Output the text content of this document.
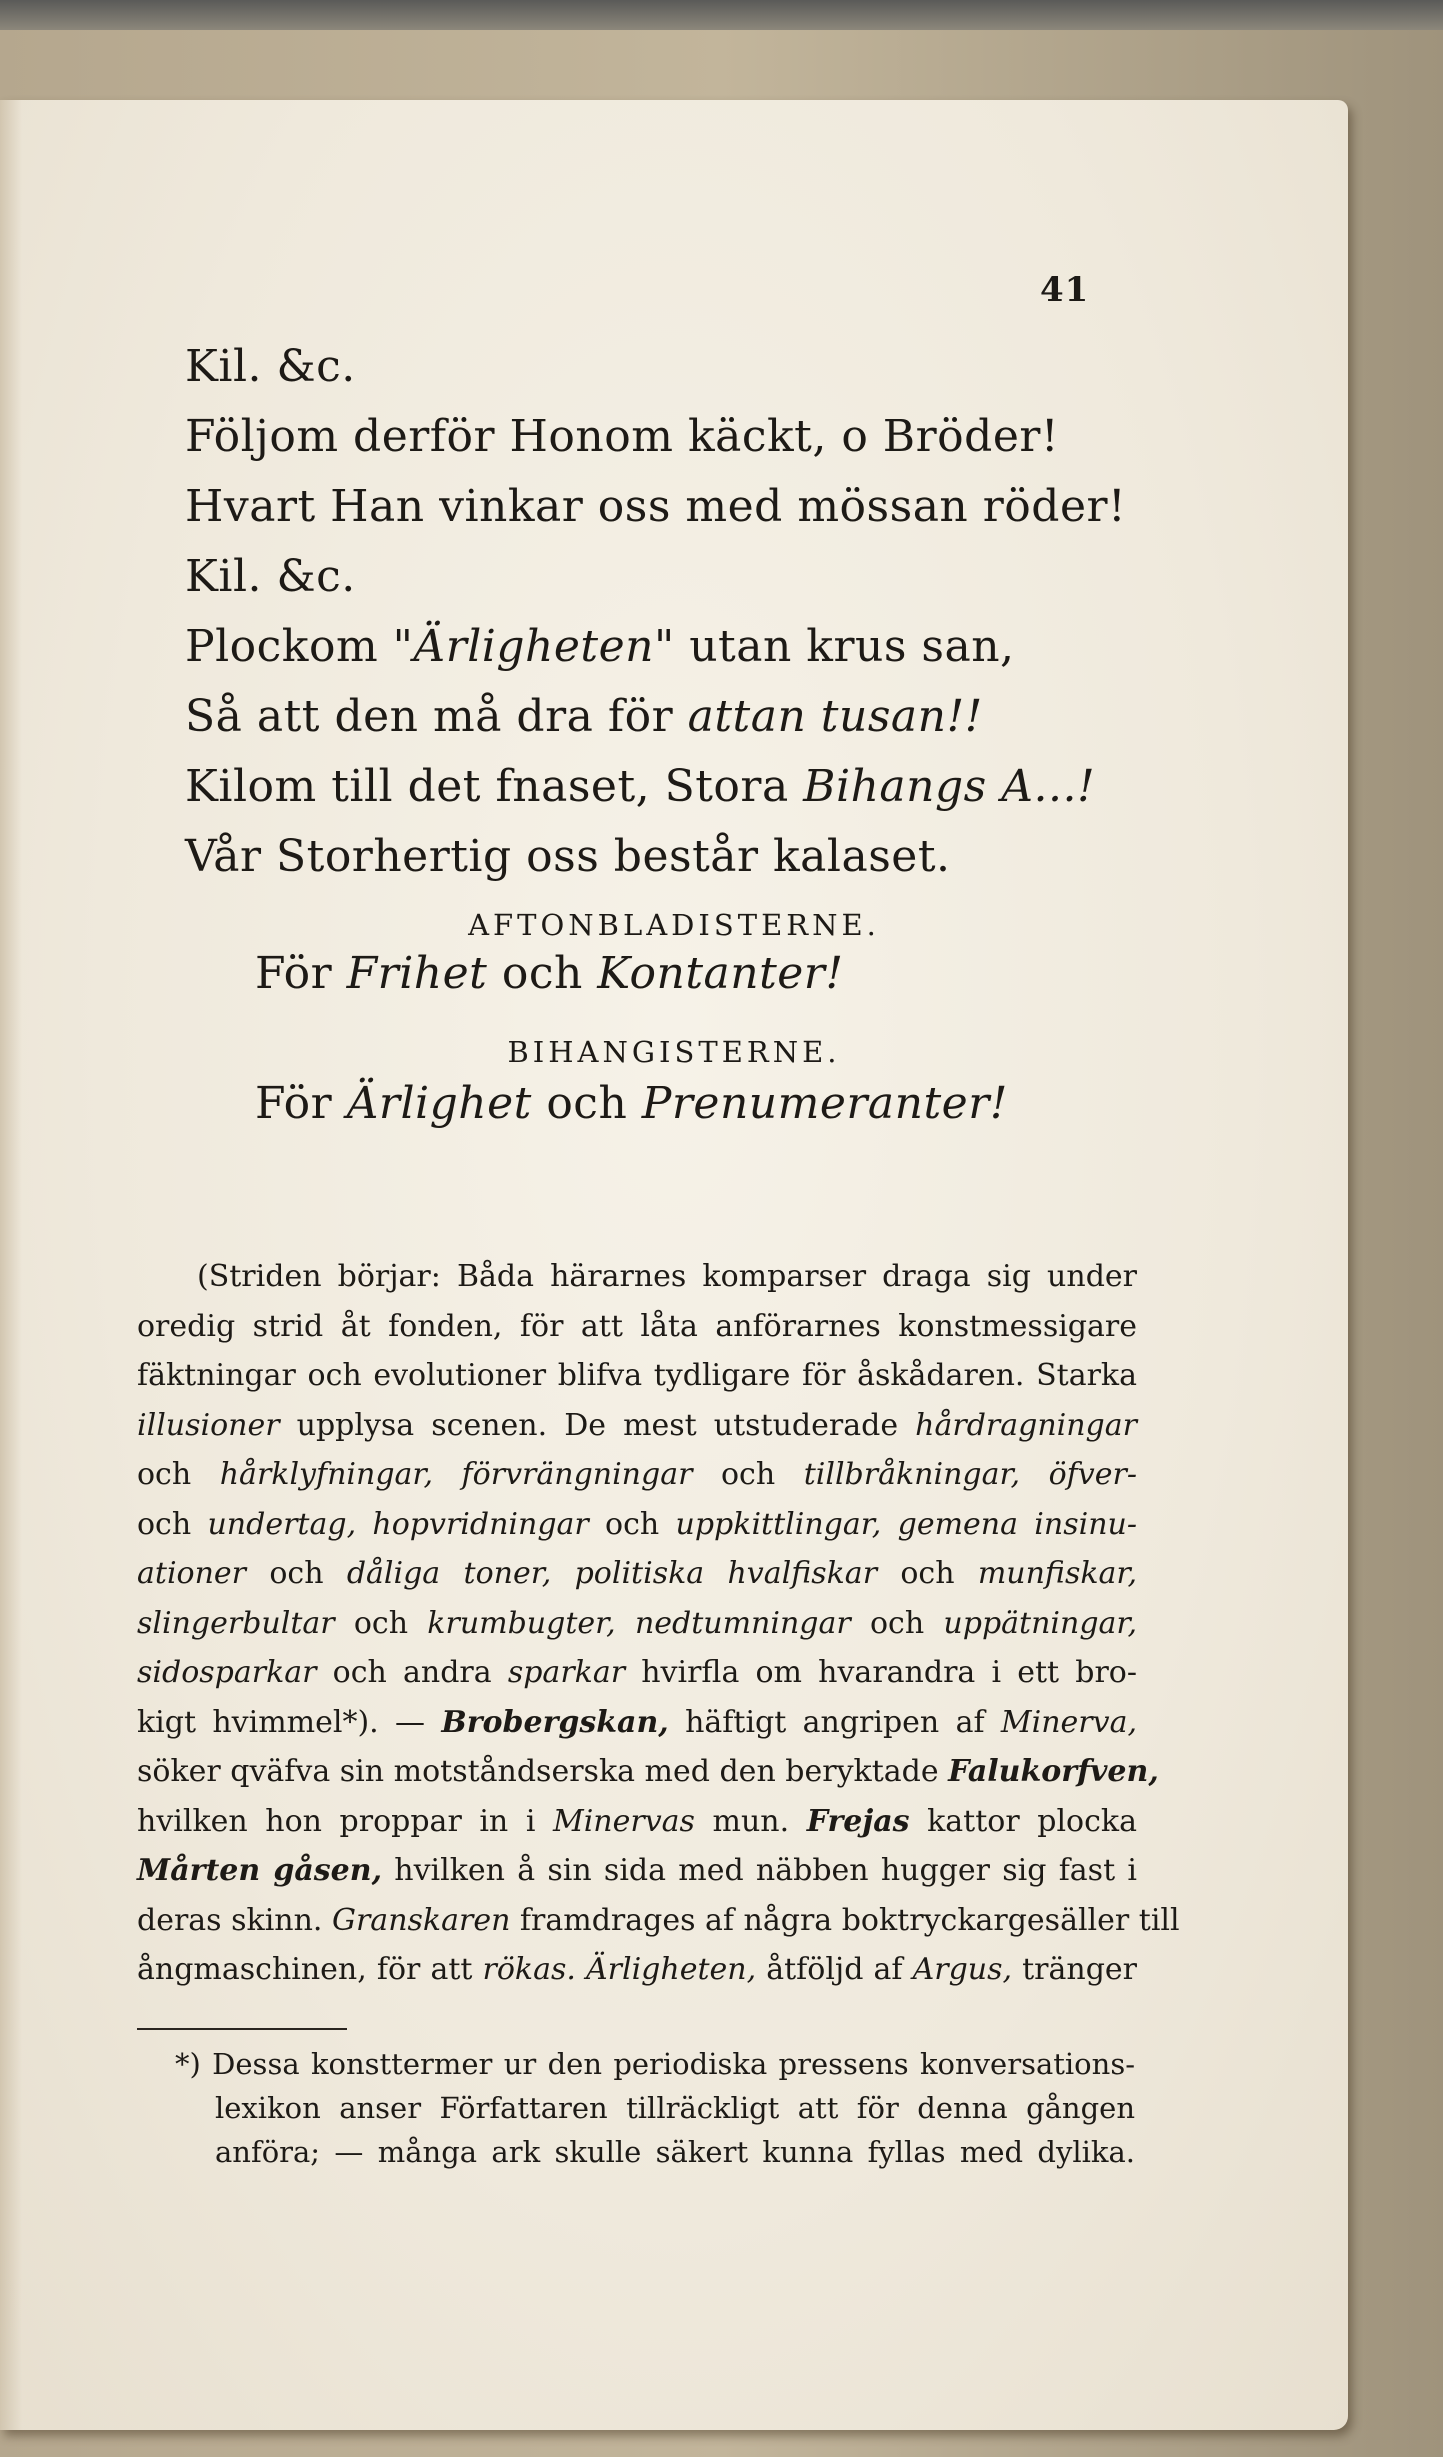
41
Kil. &c.
Följom derför Honom käckt, o Bröder!
Hvart Han vinkar oss med mössan röder!
Kil. &c.
Plockom "Ärligheten" utan krus san,
Så att den må dra för attan tusan!!
Kilom till det fnaset, Stora Bihangs A...!
Vår Storhertig oss består kalaset.
AFTONBLADISTERNE.
För Frihet och Kontanter!
BIHANGISTERNE.
För Ärlighet och Prenumeranter!
(Striden börjar: Båda härarnes komparser draga sig under
oredig strid åt fonden, för att låta anförarnes konstmessigare
fäktningar och evolutioner blifva tydligare för åskådaren. Starka
illusioner upplysa scenen. De mest utstuderade hårdragningar
och hårklyfningar, förvrängningar och tillbråkningar, öfver-
och undertag, hopvridningar och uppkittlingar, gemena insinu-
ationer och dåliga toner, politiska hvalfiskar och munfiskar,
slingerbultar och krumbugter, nedtumningar och uppätningar,
sidosparkar och andra sparkar hvirfla om hvarandra i ett bro-
kigt hvimmel*). — Brobergskan, häftigt angripen af Minerva,
söker qväfva sin motståndserska med den beryktade Falukorfven,
hvilken hon proppar in i Minervas mun. Frejas kattor plocka
Mårten gåsen, hvilken å sin sida med näbben hugger sig fast i
deras skinn. Granskaren framdrages af några boktryckargesäller till
ångmaschinen, för att rökas. Ärligheten, åtföljd af Argus, tränger
*) Dessa konsttermer ur den periodiska pressens konversations-
lexikon anser Författaren tillräckligt att för denna gången
anföra; — många ark skulle säkert kunna fyllas med dylika.
